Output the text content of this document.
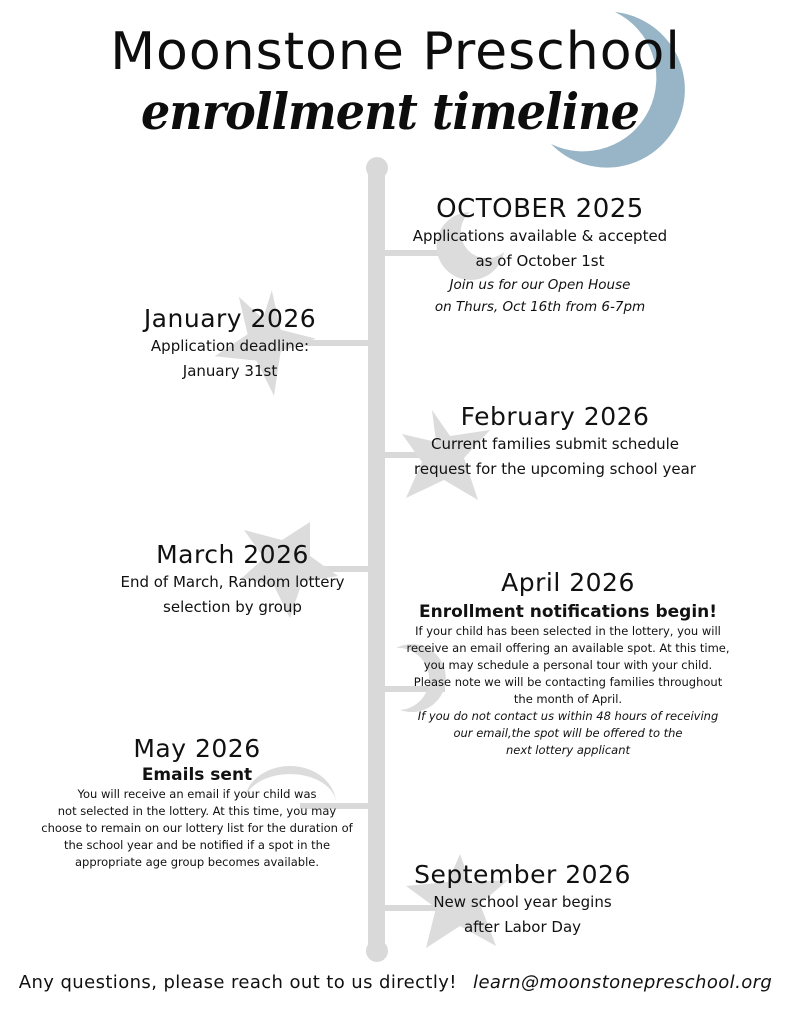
Moonstone Preschool
enrollment timeline
OCTOBER 2025
Applications available & accepted
as of October 1st
Join us for our Open House
on Thurs, Oct 16th from 6-7pm
January 2026
Application deadline:
January 31st
February 2026
Current families submit schedule
request for the upcoming school year
March 2026
End of March, Random lottery
selection by group
April 2026
Enrollment notifications begin!
If your child has been selected in the lottery, you will
receive an email offering an available spot. At this time,
you may schedule a personal tour with your child.
Please note we will be contacting families throughout
the month of April.
If you do not contact us within 48 hours of receiving
our email,the spot will be offered to the
next lottery applicant
May 2026
Emails sent
You will receive an email if your child was
not selected in the lottery. At this time, you may
choose to remain on our lottery list for the duration of
the school year and be notified if a spot in the
appropriate age group becomes available.	September 2026
New school year begins
after Labor Day
Any questions, please reach out to us directly! learn@moonstonepreschool.org
